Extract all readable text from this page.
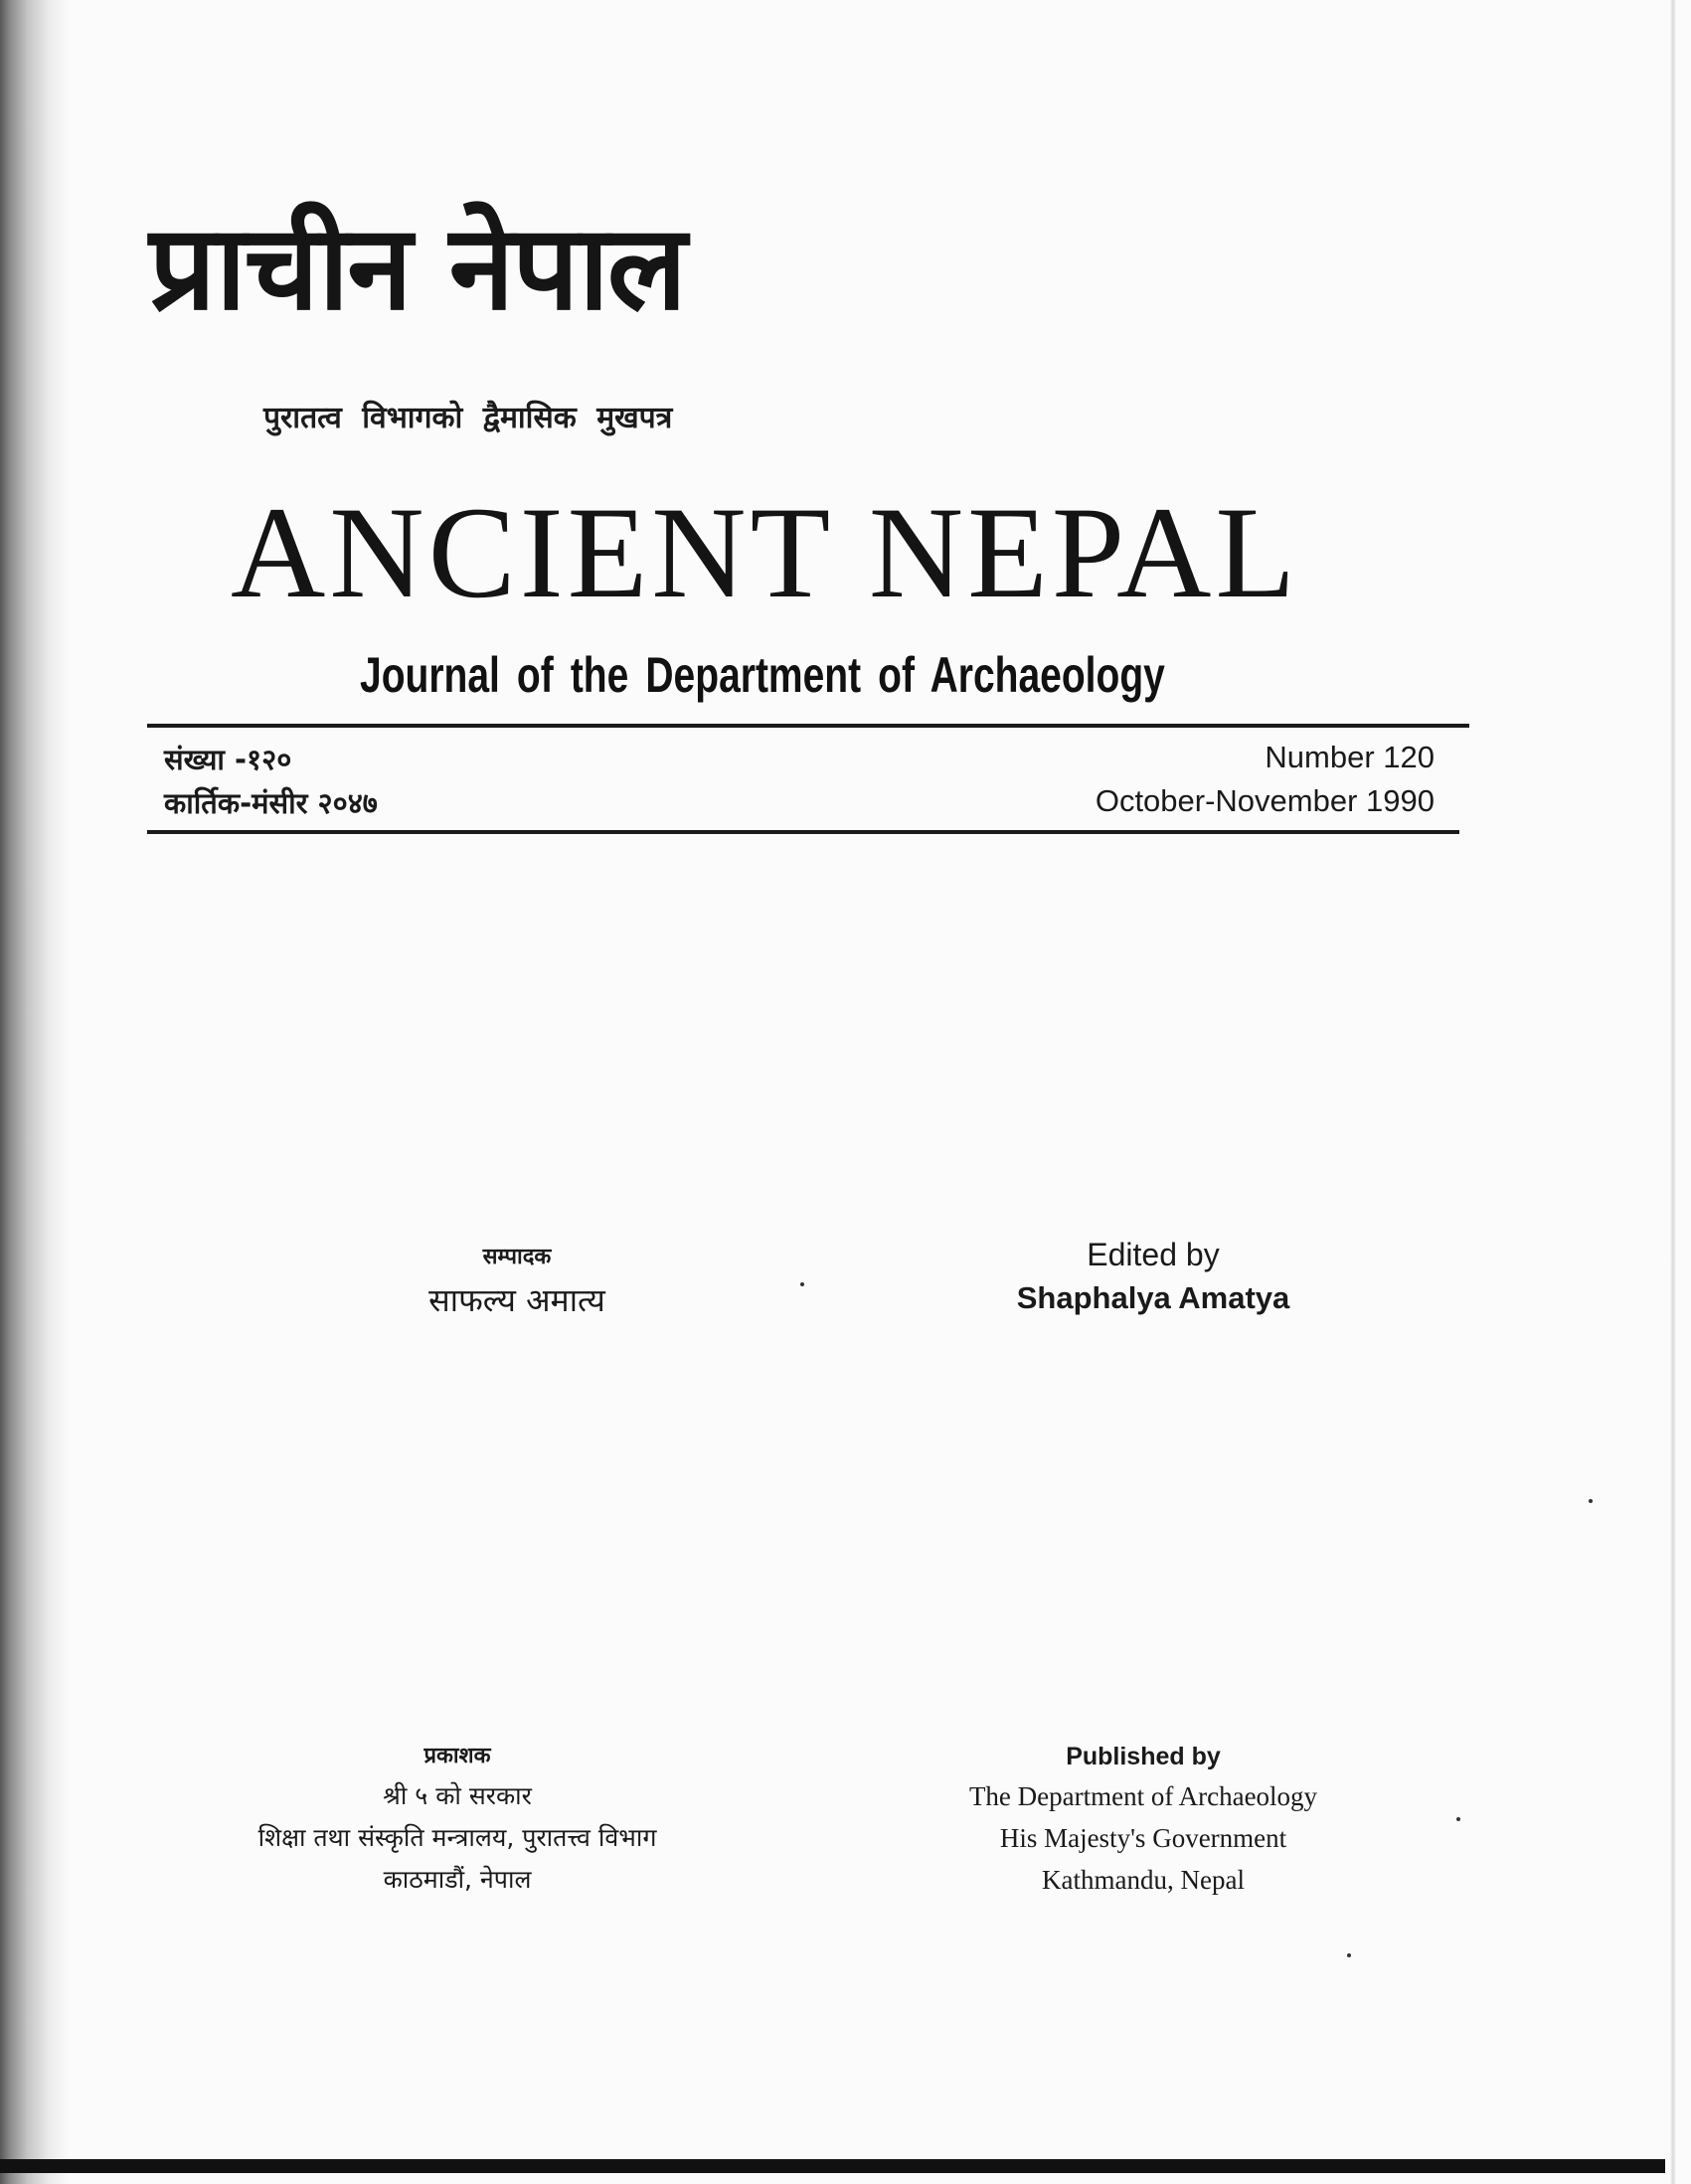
प्राचीन नेपाल
पुरातत्व विभागको द्वैमासिक मुखपत्र
ANCIENT NEPAL
Journal of the Department of Archaeology
संख्या -१२०
कार्तिक-मंसीर २०४७
Number 120
October-November 1990
सम्पादक
साफल्य अमात्य
Edited by
Shaphalya Amatya
प्रकाशक
श्री ५ को सरकार
शिक्षा तथा संस्कृति मन्त्रालय, पुरातत्त्व विभाग
काठमाडौं, नेपाल
Published by
The Department of Archaeology
His Majesty's Government
Kathmandu, Nepal
